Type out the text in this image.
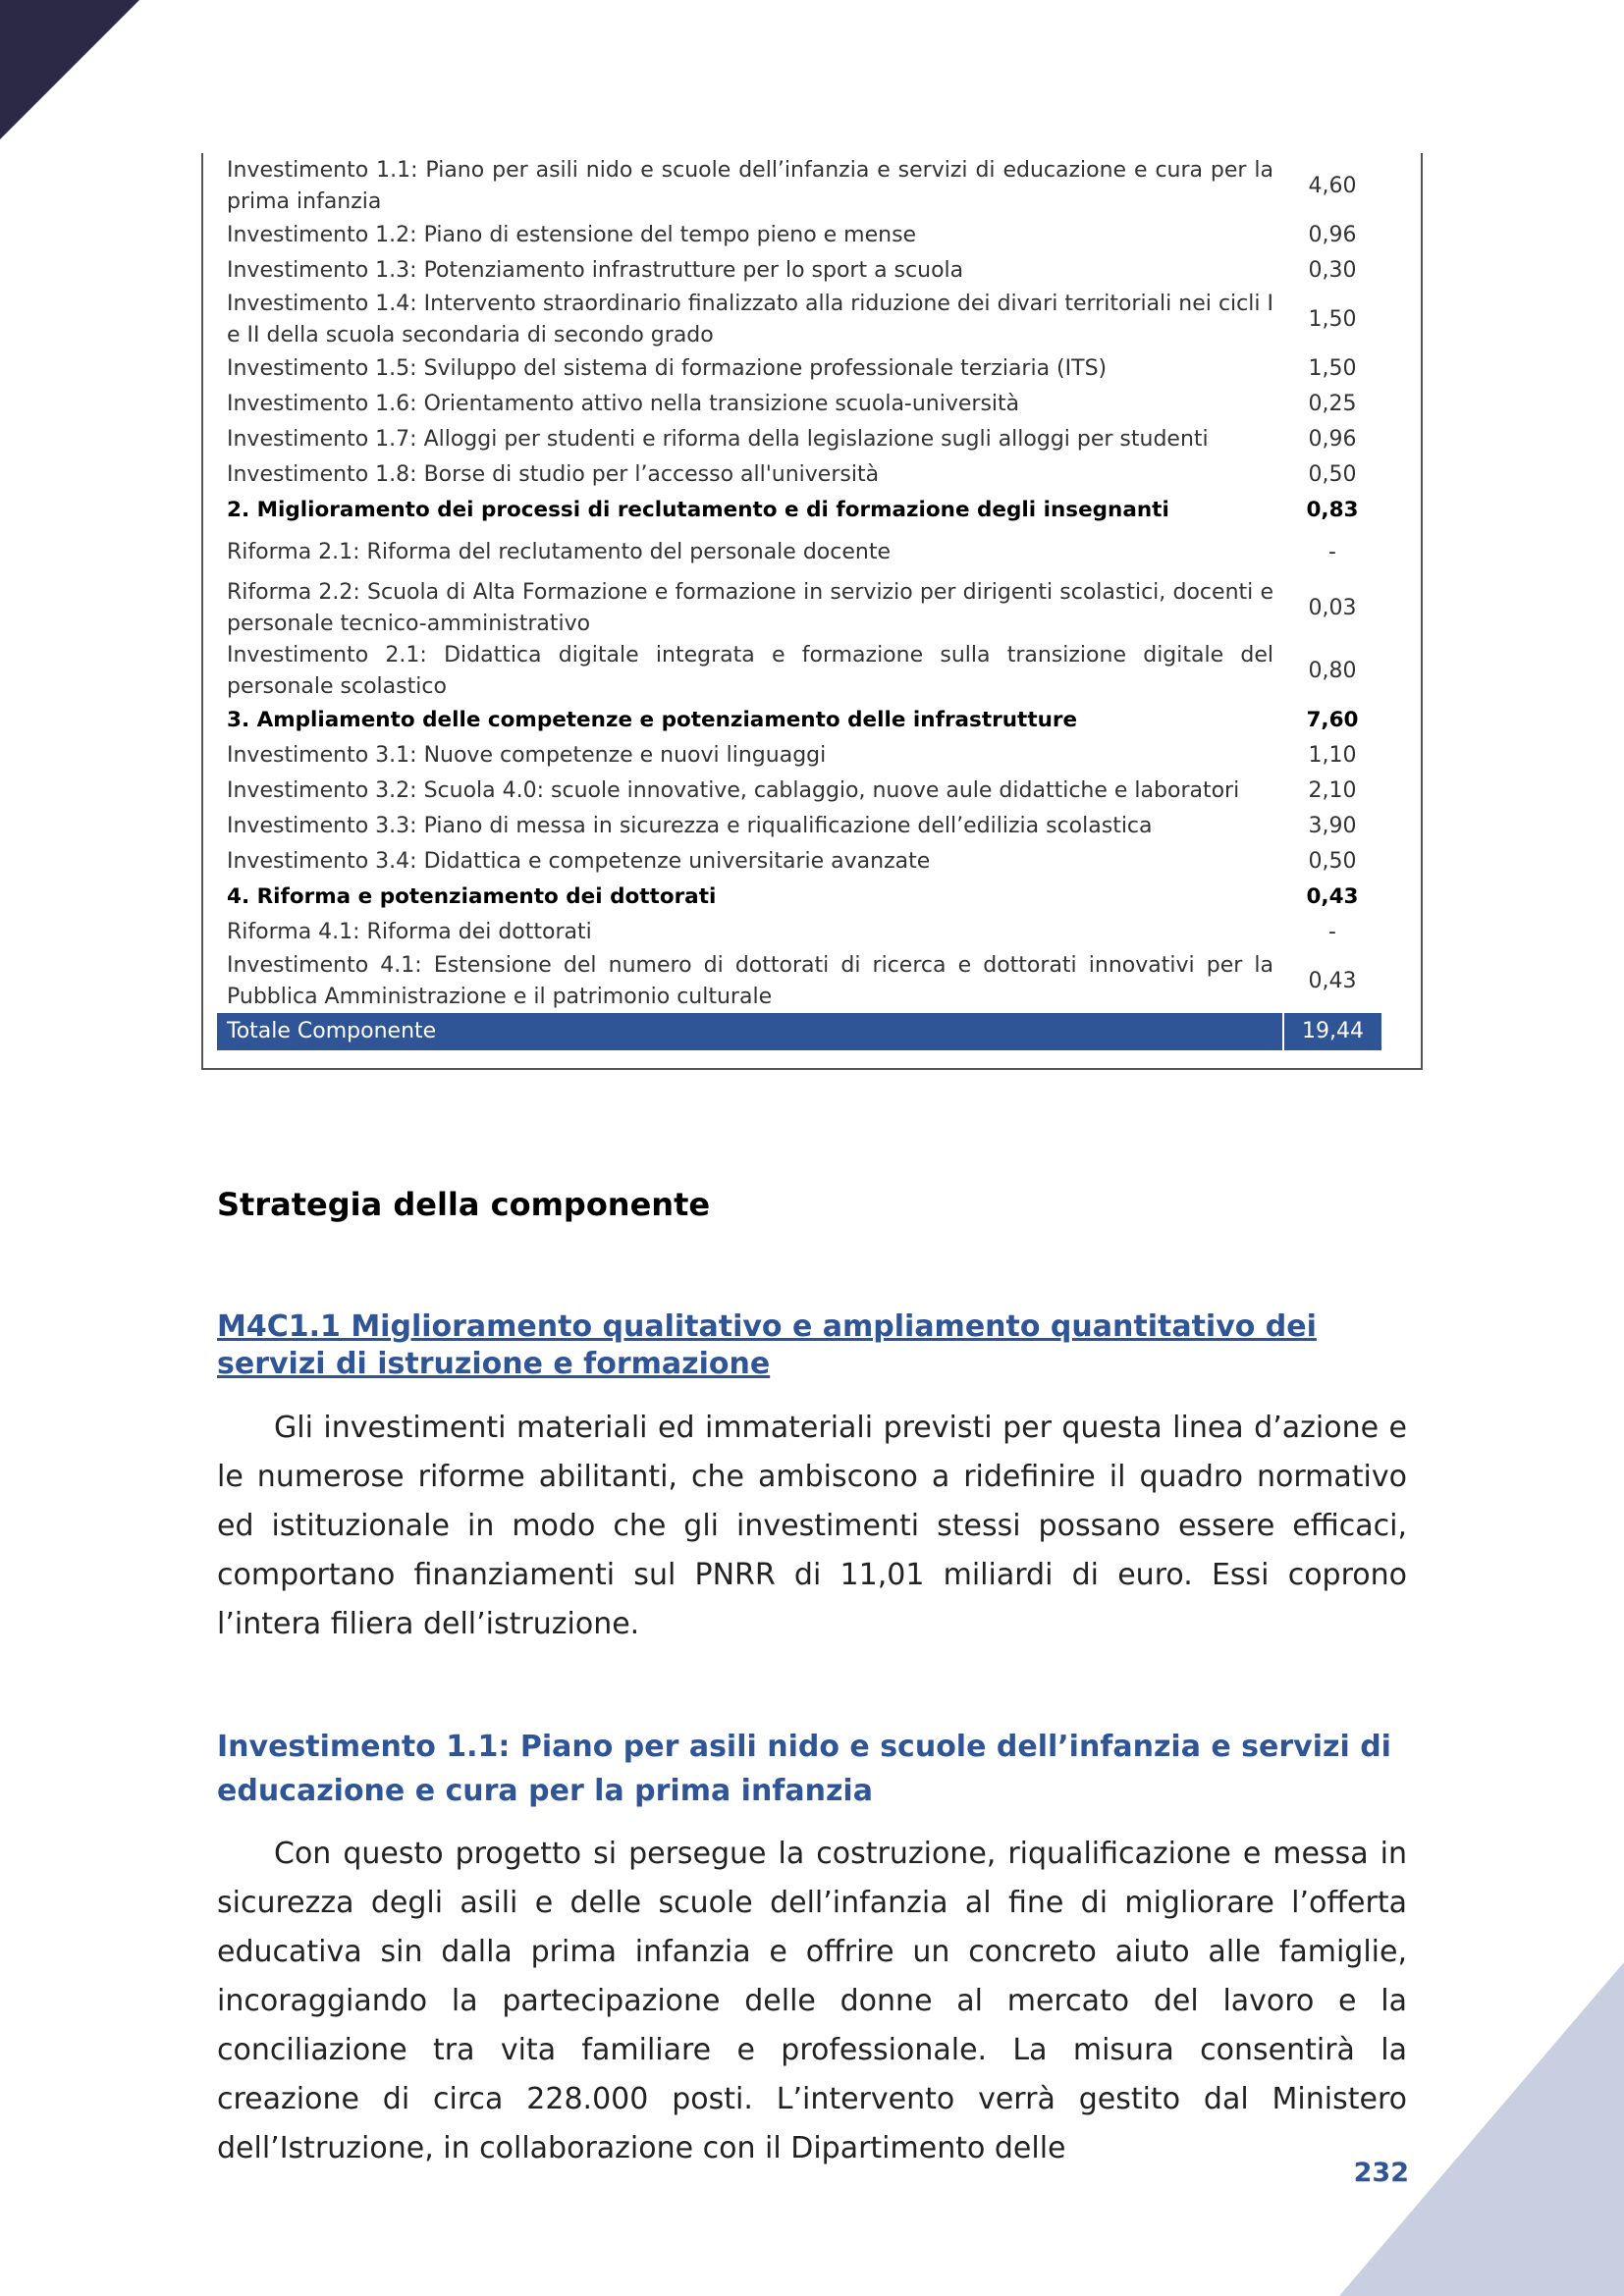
Investimento 1.1: Piano per asili nido e scuole dell’infanzia e servizi di educazione e cura per la prima infanzia	4,60
Investimento 1.2: Piano di estensione del tempo pieno e mense	0,96
Investimento 1.3: Potenziamento infrastrutture per lo sport a scuola	0,30
Investimento 1.4: Intervento straordinario finalizzato alla riduzione dei divari territoriali nei cicli I e II della scuola secondaria di secondo grado	1,50
Investimento 1.5: Sviluppo del sistema di formazione professionale terziaria (ITS)	1,50
Investimento 1.6: Orientamento attivo nella transizione scuola-università	0,25
Investimento 1.7: Alloggi per studenti e riforma della legislazione sugli alloggi per studenti	0,96
Investimento 1.8: Borse di studio per l’accesso all'università	0,50
2. Miglioramento dei processi di reclutamento e di formazione degli insegnanti	0,83
Riforma 2.1: Riforma del reclutamento del personale docente	-
Riforma 2.2: Scuola di Alta Formazione e formazione in servizio per dirigenti scolastici, docenti e personale tecnico-amministrativo	0,03
Investimento 2.1: Didattica digitale integrata e formazione sulla transizione digitale del personale scolastico	0,80
3. Ampliamento delle competenze e potenziamento delle infrastrutture	7,60
Investimento 3.1: Nuove competenze e nuovi linguaggi	1,10
Investimento 3.2: Scuola 4.0: scuole innovative, cablaggio, nuove aule didattiche e laboratori	2,10
Investimento 3.3: Piano di messa in sicurezza e riqualificazione dell’edilizia scolastica	3,90
Investimento 3.4: Didattica e competenze universitarie avanzate	0,50
4. Riforma e potenziamento dei dottorati	0,43
Riforma 4.1: Riforma dei dottorati	-
Investimento 4.1: Estensione del numero di dottorati di ricerca e dottorati innovativi per la Pubblica Amministrazione e il patrimonio culturale	0,43
Totale Componente	19,44
Strategia della componente
M4C1.1 Miglioramento qualitativo e ampliamento quantitativo dei servizi di istruzione e formazione

Gli investimenti materiali ed immateriali previsti per questa linea d’azione e le numerose riforme abilitanti, che ambiscono a ridefinire il quadro normativo ed istituzionale in modo che gli investimenti stessi possano essere efficaci, comportano finanziamenti sul PNRR di 11,01 miliardi di euro. Essi coprono l’intera filiera dell’istruzione.

Investimento 1.1: Piano per asili nido e scuole dell’infanzia e servizi di educazione e cura per la prima infanzia

Con questo progetto si persegue la costruzione, riqualificazione e messa in sicurezza degli asili e delle scuole dell’infanzia al fine di migliorare l’offerta educativa sin dalla prima infanzia e offrire un concreto aiuto alle famiglie, incoraggiando la partecipazione delle donne al mercato del lavoro e la conciliazione tra vita familiare e professionale. La misura consentirà la creazione di circa 228.000 posti. L’intervento verrà gestito dal Ministero dell’Istruzione, in collaborazione con il Dipartimento delle

232
